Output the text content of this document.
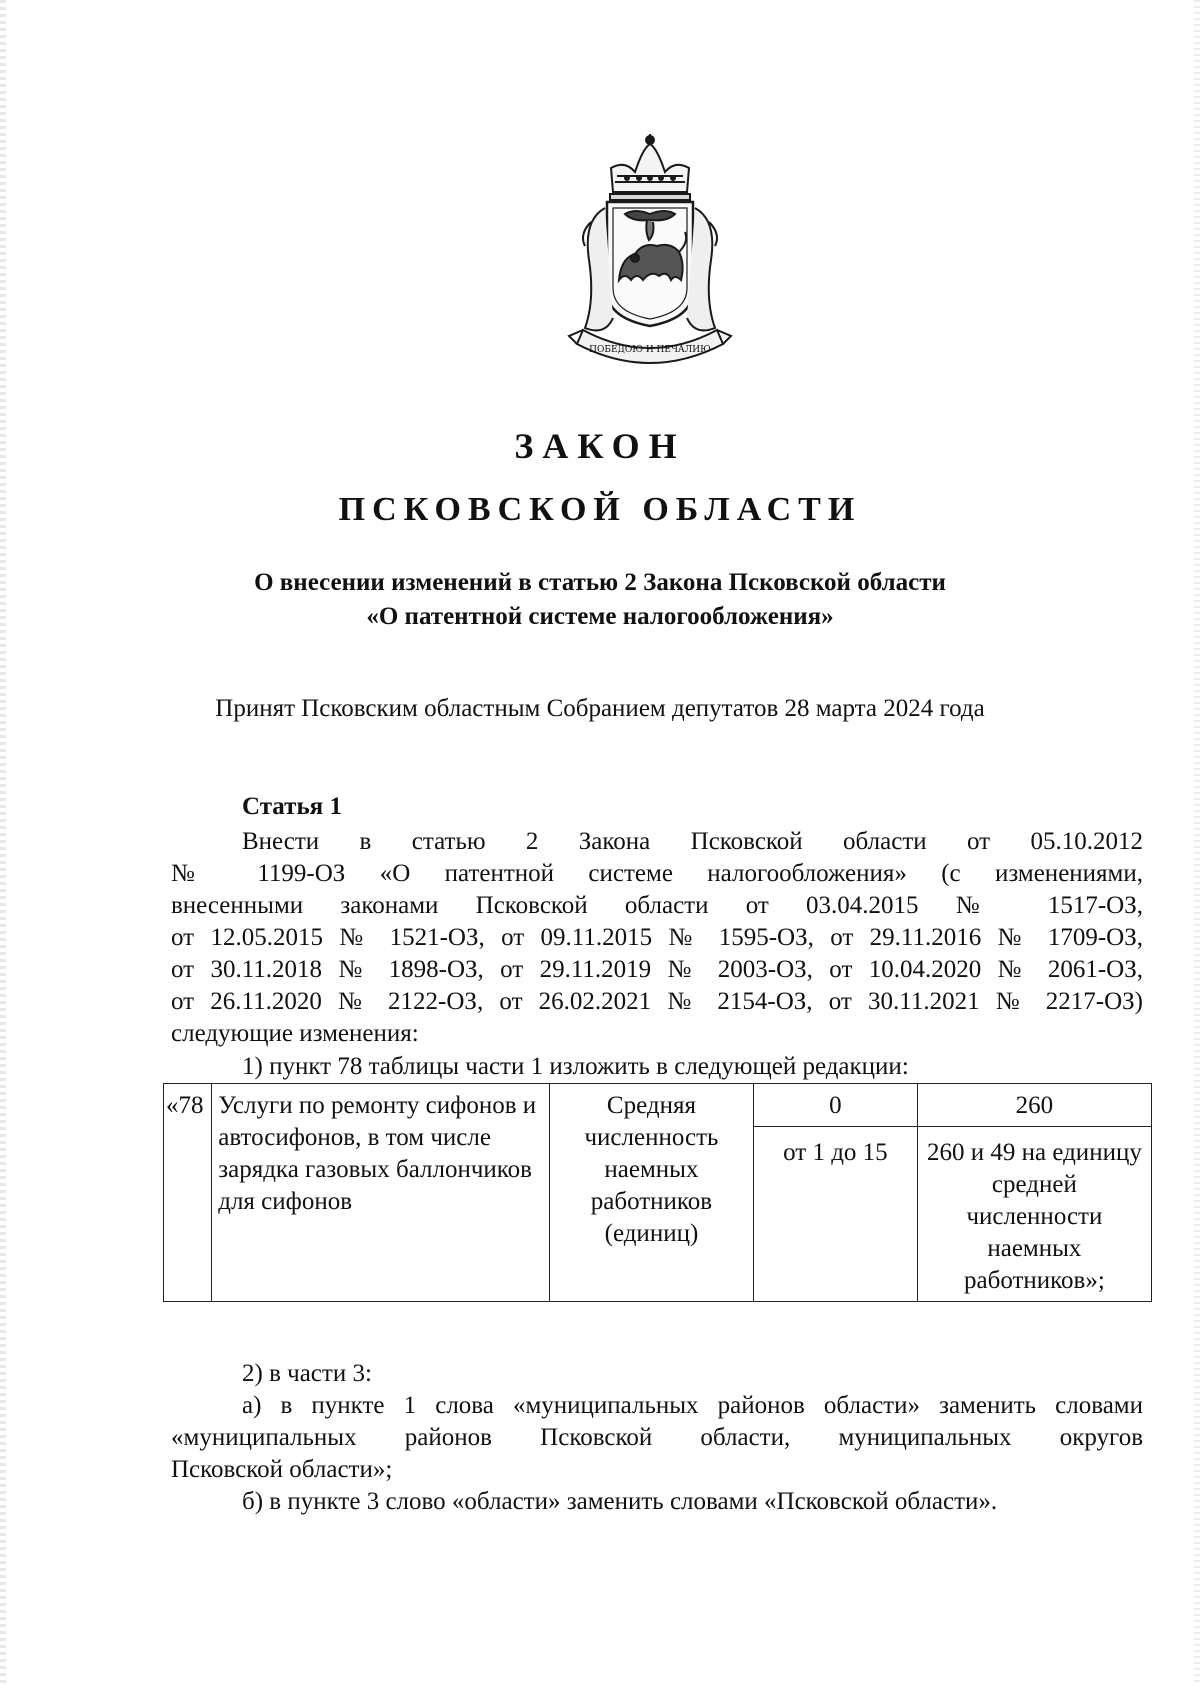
ПОБЕДОЮ И ПЕЧАЛИЮ
ЗАКОН
ПСКОВСКОЙ ОБЛАСТИ
О внесении изменений в статью 2 Закона Псковской области
«О патентной системе налогообложения»
Принят Псковским областным Собранием депутатов 28 марта 2024 года
Статья 1
Внести в статью 2 Закона Псковской области от 05.10.2012
№ 1199-ОЗ «О патентной системе налогообложения» (с изменениями,
внесенными законами Псковской области от 03.04.2015 № 1517-ОЗ,
от 12.05.2015 № 1521-ОЗ, от 09.11.2015 № 1595-ОЗ, от 29.11.2016 № 1709-ОЗ,
от 30.11.2018 № 1898-ОЗ, от 29.11.2019 № 2003-ОЗ, от 10.04.2020 № 2061-ОЗ,
от 26.11.2020 № 2122-ОЗ, от 26.02.2021 № 2154-ОЗ, от 30.11.2021 № 2217-ОЗ)
следующие изменения:
1) пункт 78 таблицы части 1 изложить в следующей редакции:
«78	Услуги по ремонту сифонов и автосифонов, в том числе зарядка газовых баллончиков для сифонов	Средняя численность наемных работников (единиц)	0	260
			от 1 до 15	260 и 49 на единицу средней численности наемных работников»;
2) в части 3:
а) в пункте 1 слова «муниципальных районов области» заменить словами
«муниципальных районов Псковской области, муниципальных округов
Псковской области»;
б) в пункте 3 слово «области» заменить словами «Псковской области».
